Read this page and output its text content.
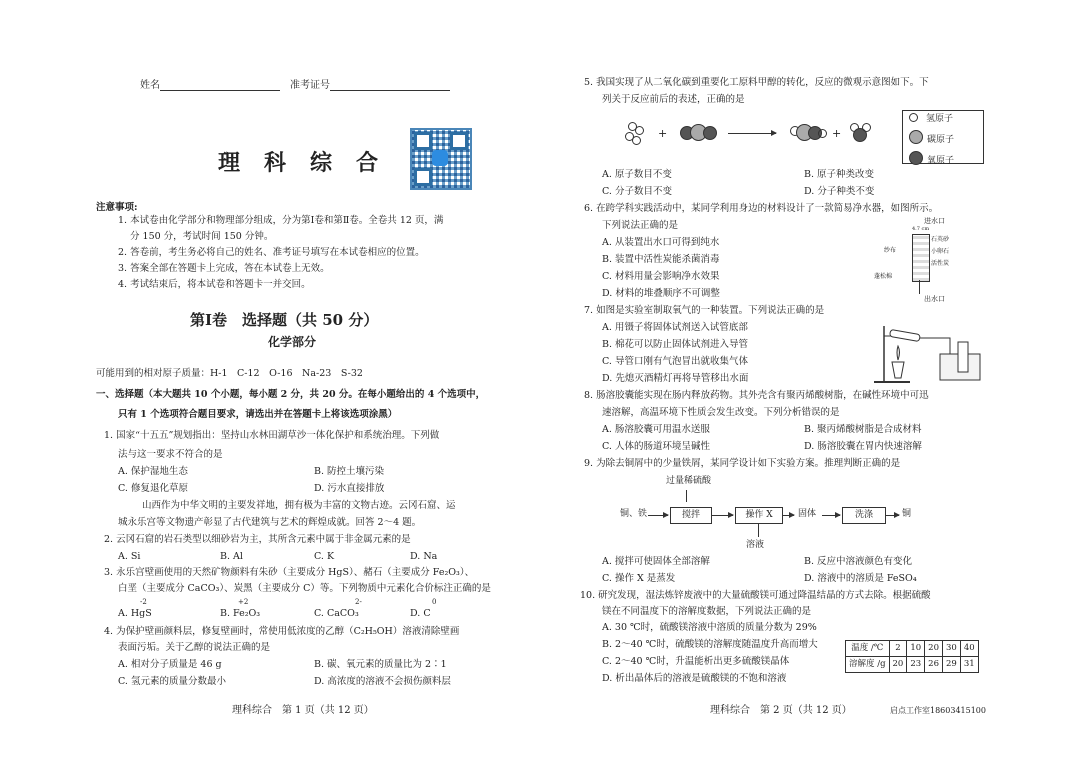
姓名	准考证号
理科综合
注意事项:
1. 本试卷由化学部分和物理部分组成，分为第Ⅰ卷和第Ⅱ卷。全卷共 12 页，满
分 150 分，考试时间 150 分钟。
2. 答卷前，考生务必将自己的姓名、准考证号填写在本试卷相应的位置。
3. 答案全部在答题卡上完成，答在本试卷上无效。
4. 考试结束后，将本试卷和答题卡一并交回。
第Ⅰ卷　选择题（共 50 分）
化学部分
可能用到的相对原子质量：H-1　C-12　O-16　Na-23　S-32
一、选择题（本大题共 10 个小题，每小题 2 分，共 20 分。在每小题给出的 4 个选项中，
只有 1 个选项符合题目要求，请选出并在答题卡上将该选项涂黑）
1. 国家“十五五”规划指出：坚持山水林田湖草沙一体化保护和系统治理。下列做
法与这一要求不符合的是
A. 保护湿地生态	B. 防控土壤污染
C. 修复退化草原	D. 污水直接排放
山西作为中华文明的主要发祥地，拥有极为丰富的文物古迹。云冈石窟、运
城永乐宫等文物遗产彰显了古代建筑与艺术的辉煌成就。回答 2～4 题。
2. 云冈石窟的岩石类型以细砂岩为主，其所含元素中属于非金属元素的是
A. Si	B. Al	C. K	D. Na
3. 永乐宫壁画使用的天然矿物颜料有朱砂（主要成分 HgS）、赭石（主要成分 Fe₂O₃）、
白垩（主要成分 CaCO₃）、炭黑（主要成分 C）等。下列物质中元素化合价标注正确的是
-2	+2	2-	0
A. HgS	B. Fe₂O₃	C. CaCO₃	D. C
4. 为保护壁画颜料层，修复壁画时，常使用低浓度的乙醇（C₂H₅OH）溶液清除壁画
表面污垢。关于乙醇的说法正确的是
A. 相对分子质量是 46 g	B. 碳、氧元素的质量比为 2∶1
C. 氢元素的质量分数最小	D. 高浓度的溶液不会损伤颜料层
理科综合　第 1 页（共 12 页）
5. 我国实现了从二氧化碳到重要化工原料甲醇的转化，反应的微观示意图如下。下
列关于反应前后的表述，正确的是
+	+
氢原子
碳原子
氧原子
A. 原子数目不变	B. 原子种类改变
C. 分子数目不变	D. 分子种类不变
6. 在跨学科实践活动中，某同学利用身边的材料设计了一款简易净水器，如图所示。
下列说法正确的是
A. 从装置出水口可得到纯水
B. 装置中活性炭能杀菌消毒
C. 材料用量会影响净水效果
D. 材料的堆叠顺序不可调整
进水口
4.7 cm
石英砂
小卵石
活性炭
纱布
蓬松棉
出水口
7. 如图是实验室制取氧气的一种装置。下列说法正确的是
A. 用镊子将固体试剂送入试管底部
B. 棉花可以防止固体试剂进入导管
C. 导管口刚有气泡冒出就收集气体
D. 先熄灭酒精灯再将导管移出水面
8. 肠溶胶囊能实现在肠内释放药物。其外壳含有聚丙烯酸树脂，在碱性环境中可迅
速溶解，高温环境下性质会发生改变。下列分析错误的是
A. 肠溶胶囊可用温水送服	B. 聚丙烯酸树脂是合成材料
C. 人体的肠道环境呈碱性	D. 肠溶胶囊在胃内快速溶解
9. 为除去铜屑中的少量铁屑，某同学设计如下实验方案。推理判断正确的是
过量稀硫酸
铜、铁	搅拌	操作 X	固体	洗涤	铜
溶液
A. 搅拌可使固体全部溶解	B. 反应中溶液颜色有变化
C. 操作 X 是蒸发	D. 溶液中的溶质是 FeSO₄
10. 研究发现，湿法炼锌废液中的大量硫酸镁可通过降温结晶的方式去除。根据硫酸
镁在不同温度下的溶解度数据，下列说法正确的是
A. 30 ℃时，硫酸镁溶液中溶质的质量分数为 29%
B. 2～40 ℃时，硫酸镁的溶解度随温度升高而增大
C. 2～40 ℃时，升温能析出更多硫酸镁晶体
D. 析出晶体后的溶液是硫酸镁的不饱和溶液
温度 /℃	2	10	20	30	40
溶解度 /g	20	23	26	29	31
理科综合　第 2 页（共 12 页）	启点工作室18603415100
